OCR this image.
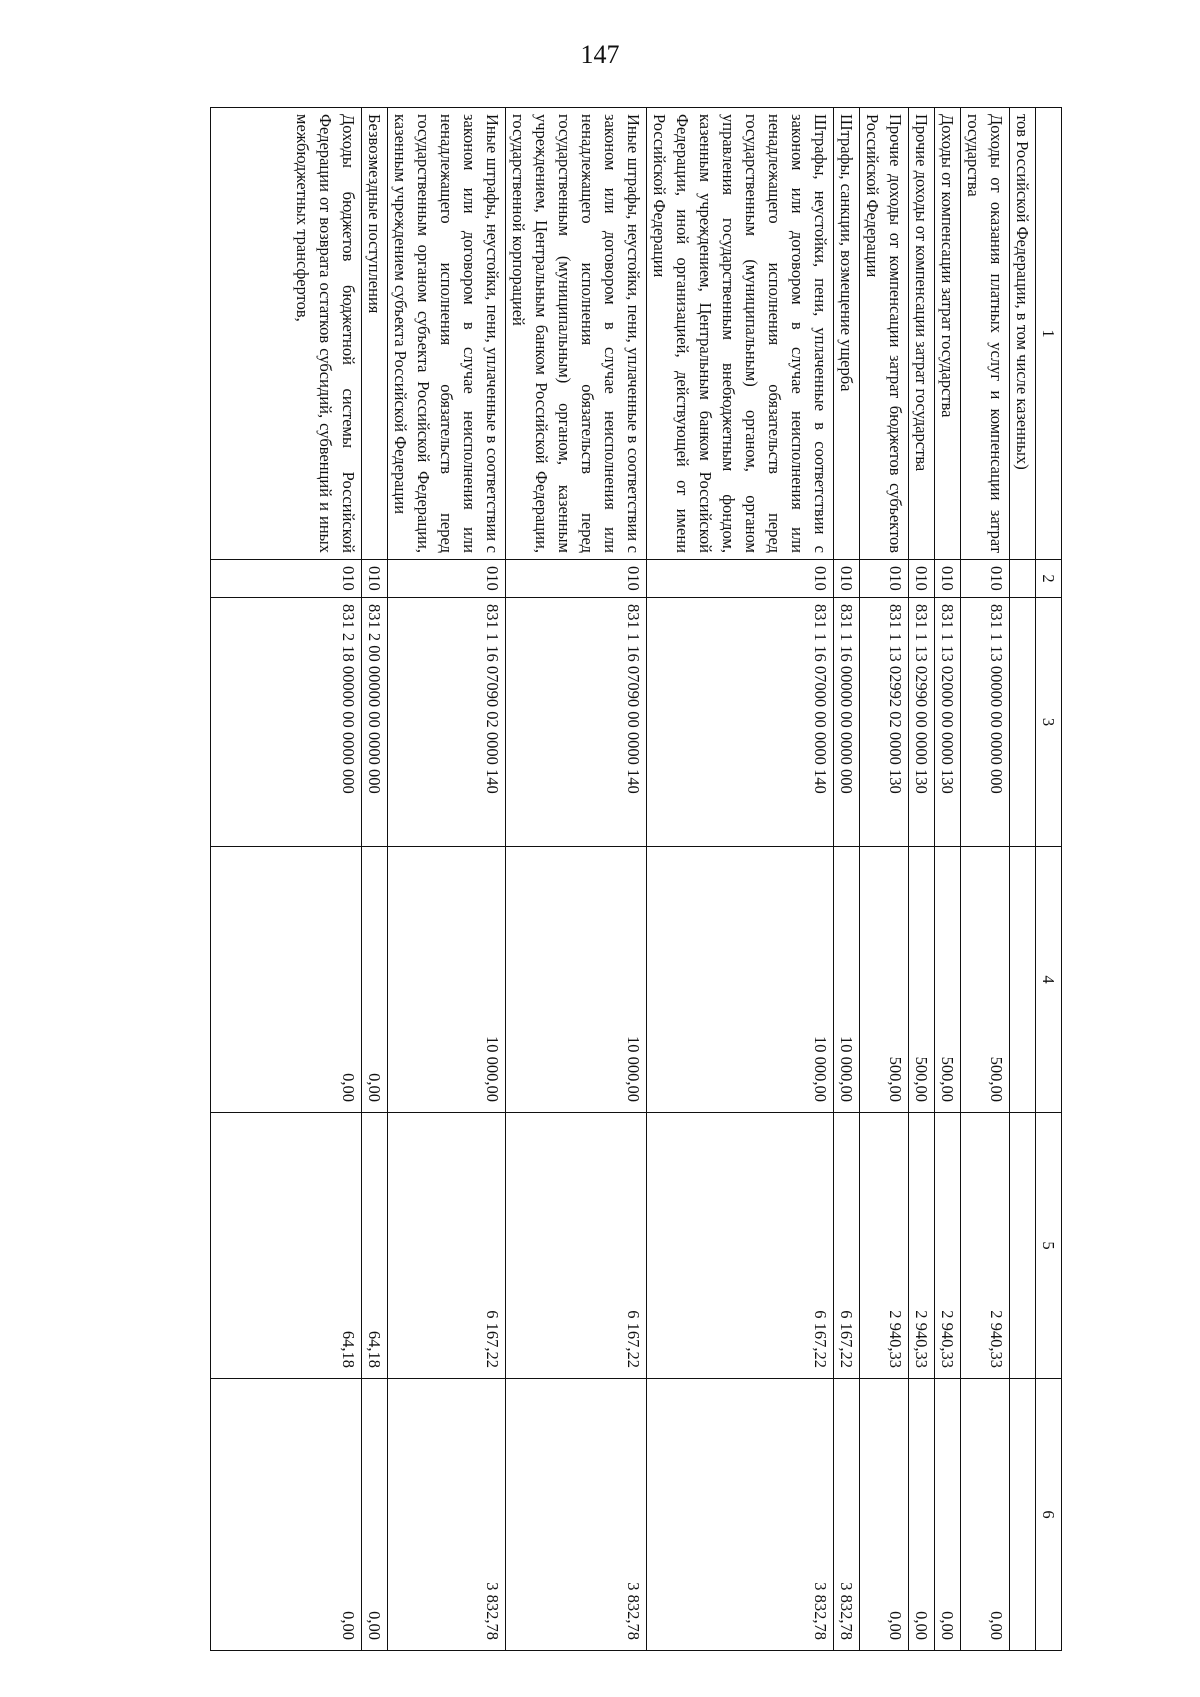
147
1	2	3	4	5	6
тов Российской Федерации, в том числе казенных)					
Доходы от оказания платных услуг и компенсации затрат государства	010	831 1 13 00000 00 0000 000	500,00	2 940,33	0,00
Доходы от компенсации затрат государства	010	831 1 13 02000 00 0000 130	500,00	2 940,33	0,00
Прочие доходы от компенсации затрат государства	010	831 1 13 02990 00 0000 130	500,00	2 940,33	0,00
Прочие доходы от компенсации затрат бюджетов субъектов Российской Федерации	010	831 1 13 02992 02 0000 130	500,00	2 940,33	0,00
Штрафы, санкции, возмещение ущерба	010	831 1 16 00000 00 0000 000	10 000,00	6 167,22	3 832,78
Штрафы, неустойки, пени, уплаченные в соответствии с законом или договором в случае неисполнения или ненадлежащего исполнения обязательств перед государственным (муниципальным) органом, органом управления государственным внебюджетным фондом, казенным учреждением, Центральным банком Российской Федерации, иной организацией, действующей от имени Российской Федерации	010	831 1 16 07000 00 0000 140	10 000,00	6 167,22	3 832,78
Иные штрафы, неустойки, пени, уплаченные в соответствии с законом или договором в случае неисполнения или ненадлежащего исполнения обязательств перед государственным (муниципальным) органом, казенным учреждением, Центральным банком Российской Федерации, государственной корпорацией	010	831 1 16 07090 00 0000 140	10 000,00	6 167,22	3 832,78
Иные штрафы, неустойки, пени, уплаченные в соответствии с законом или договором в случае неисполнения или ненадлежащего исполнения обязательств перед государственным органом субъекта Российской Федерации, казенным учреждением субъекта Российской Федерации	010	831 1 16 07090 02 0000 140	10 000,00	6 167,22	3 832,78
Безвозмездные поступления	010	831 2 00 00000 00 0000 000	0,00	64,18	0,00
Доходы бюджетов бюджетной системы Российской Федерации от возврата остатков субсидий, субвенций и иных межбюджетных трансфертов,	010	831 2 18 00000 00 0000 000	0,00	64,18	0,00
